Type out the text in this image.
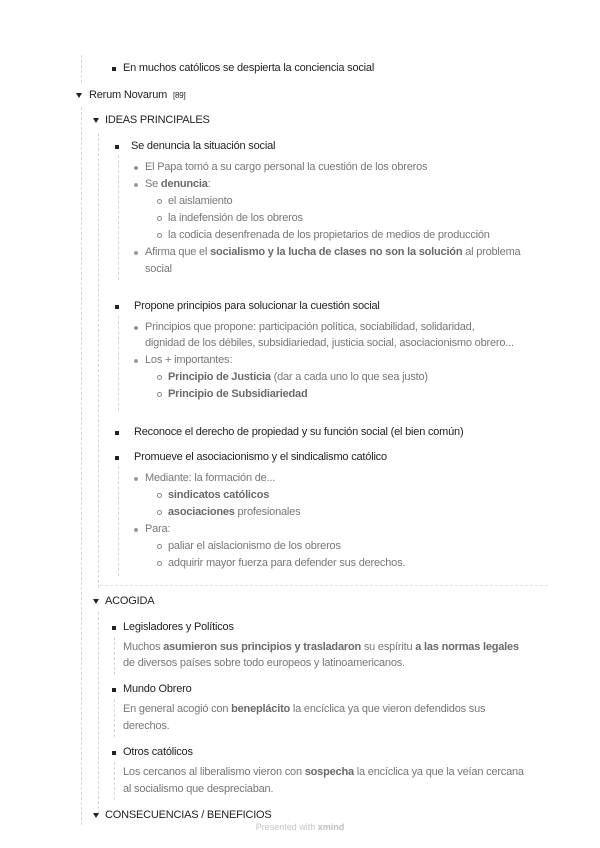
En muchos católicos se despierta la conciencia social
Rerum Novarum [89]
IDEAS PRINCIPALES
Se denuncia la situación social
El Papa tomó a su cargo personal la cuestión de los obreros
Se denuncia:
el aislamiento
la indefensión de los obreros
la codicia desenfrenada de los propietarios de medios de producción
Afirma que el socialismo y la lucha de clases no son la solución al problema
social
Propone principios para solucionar la cuestión social
Principios que propone: participación política, sociabilidad, solidaridad,
dignidad de los débiles, subsidiariedad, justicia social, asociacionismo obrero...
Los + importantes:
Principio de Justicia (dar a cada uno lo que sea justo)
Principio de Subsidiariedad
Reconoce el derecho de propiedad y su función social (el bien común)
Promueve el asociacionismo y el sindicalismo católico
Mediante: la formación de...
sindicatos católicos
asociaciones profesionales
Para:
paliar el aislacionismo de los obreros
adquirir mayor fuerza para defender sus derechos.
ACOGIDA
Legisladores y Políticos
Muchos asumieron sus principios y trasladaron su espíritu a las normas legales
de diversos países sobre todo europeos y latinoamericanos.
Mundo Obrero
En general acogió con beneplácito la encíclica ya que vieron defendidos sus
derechos.
Otros católicos
Los cercanos al liberalismo vieron con sospecha la encíclica ya que la veían cercana
al socialismo que despreciaban.
CONSECUENCIAS / BENEFICIOS
Presented with xmind
